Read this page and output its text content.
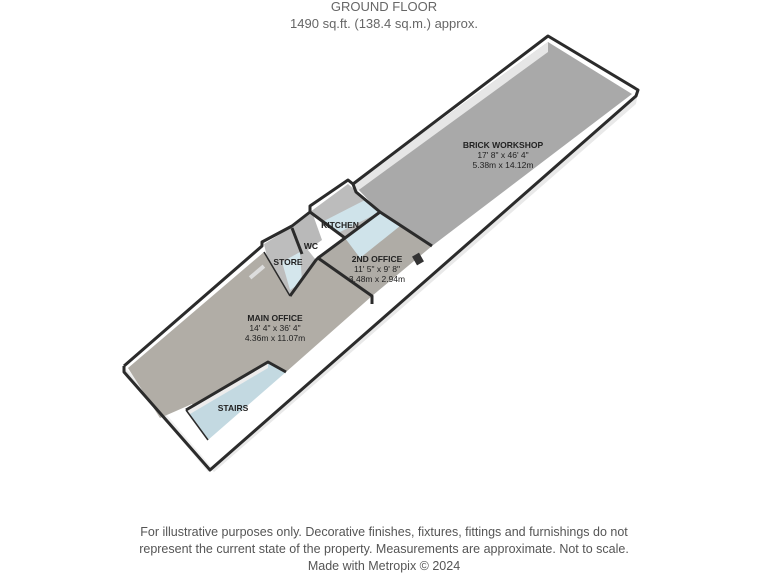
GROUND FLOOR
1490 sq.ft. (138.4 sq.m.) approx.
BRICK WORKSHOP
17' 8" x 46' 4"
5.38m x 14.12m
KITCHEN
WC
STORE	2ND OFFICE
11' 5" x 9' 8"
3.48m x 2.94m
MAIN OFFICE
14' 4" x 36' 4"
4.36m x 11.07m
STAIRS
For illustrative purposes only. Decorative finishes, fixtures, fittings and furnishings do not
represent the current state of the property. Measurements are approximate. Not to scale.
Made with Metropix © 2024
